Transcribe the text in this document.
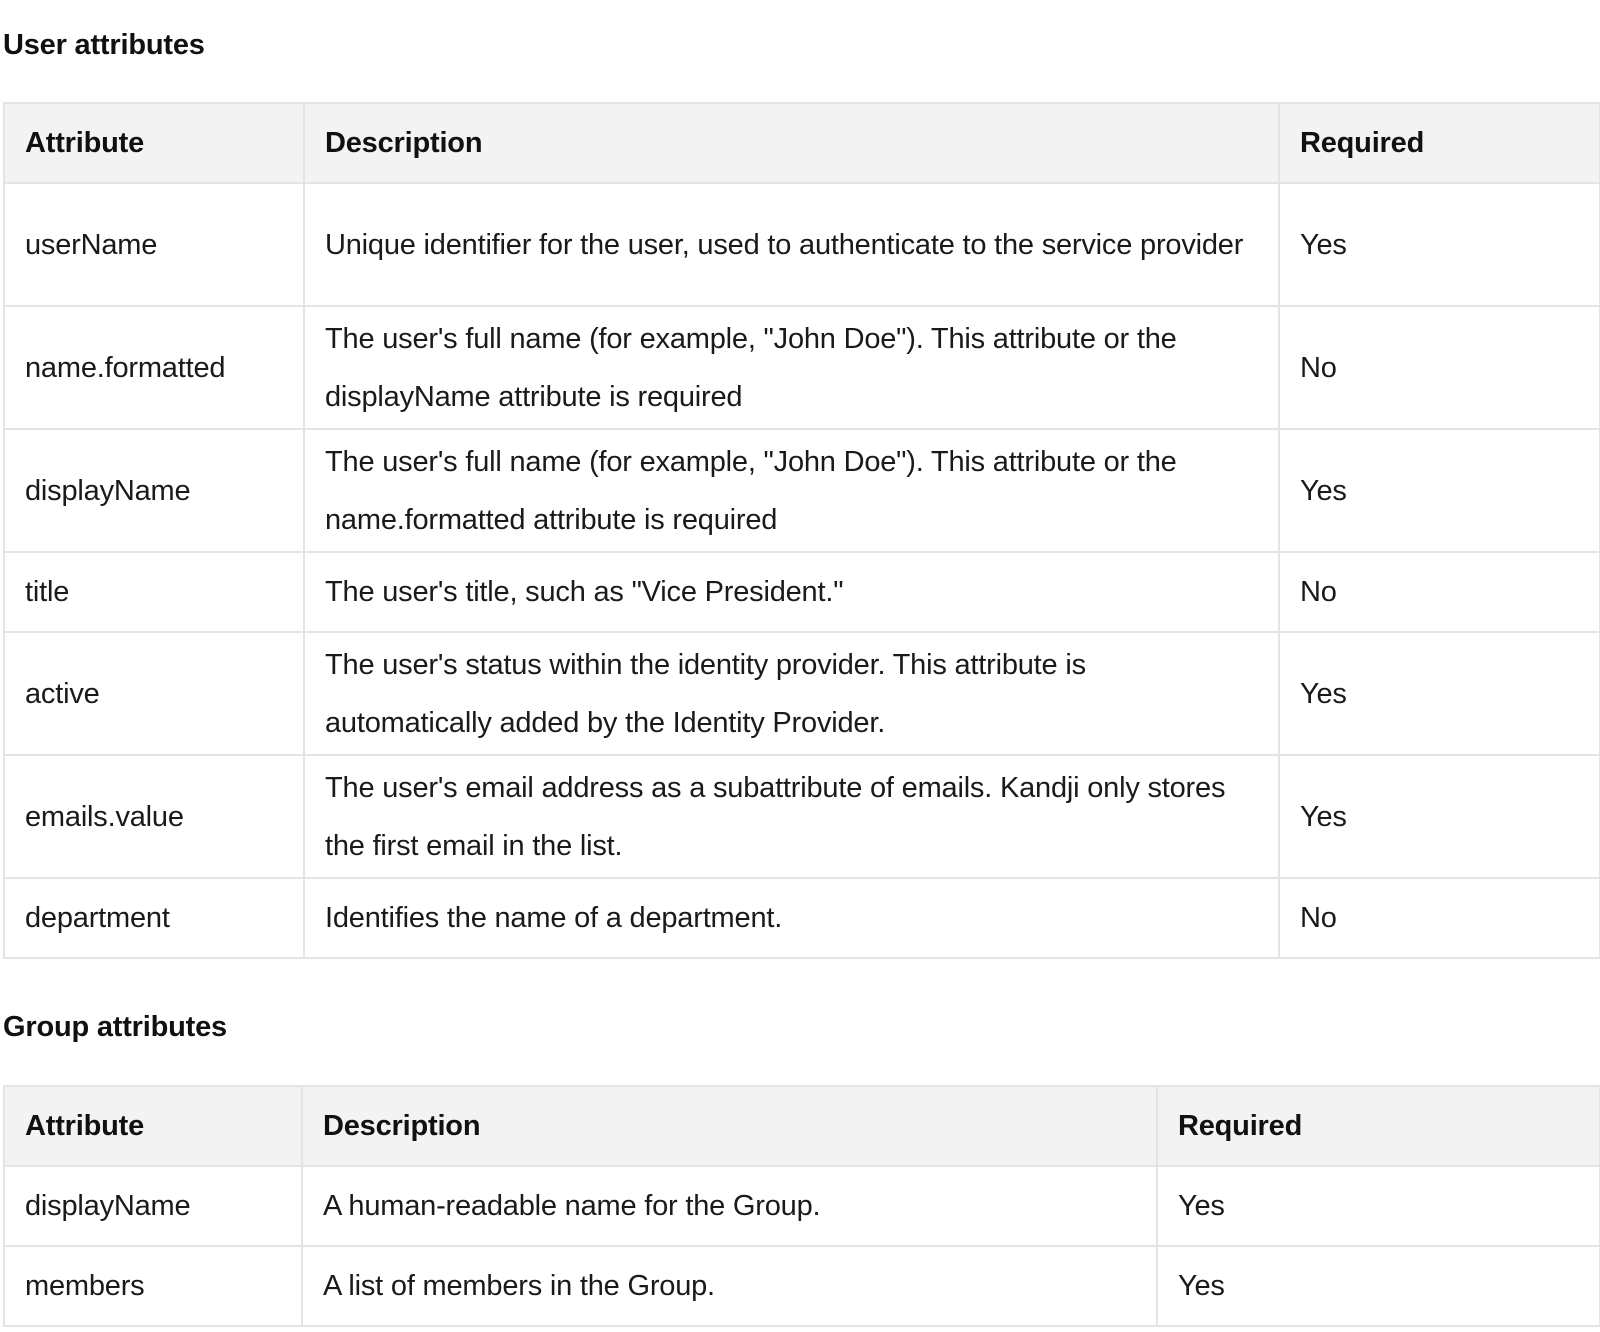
User attributes
Attribute	Description	Required
userName	Unique identifier for the user, used to authenticate to the service provider	Yes
name.formatted	The user's full name (for example, "John Doe"). This attribute or the displayName attribute is required	No
displayName	The user's full name (for example, "John Doe"). This attribute or the name.formatted attribute is required	Yes
title	The user's title, such as "Vice President."	No
active	The user's status within the identity provider. This attribute is automatically added by the Identity Provider.	Yes
emails.value	The user's email address as a subattribute of emails. Kandji only stores the first email in the list.	Yes
department	Identifies the name of a department.	No
Group attributes
Attribute	Description	Required
displayName	A human-readable name for the Group.	Yes
members	A list of members in the Group.	Yes
